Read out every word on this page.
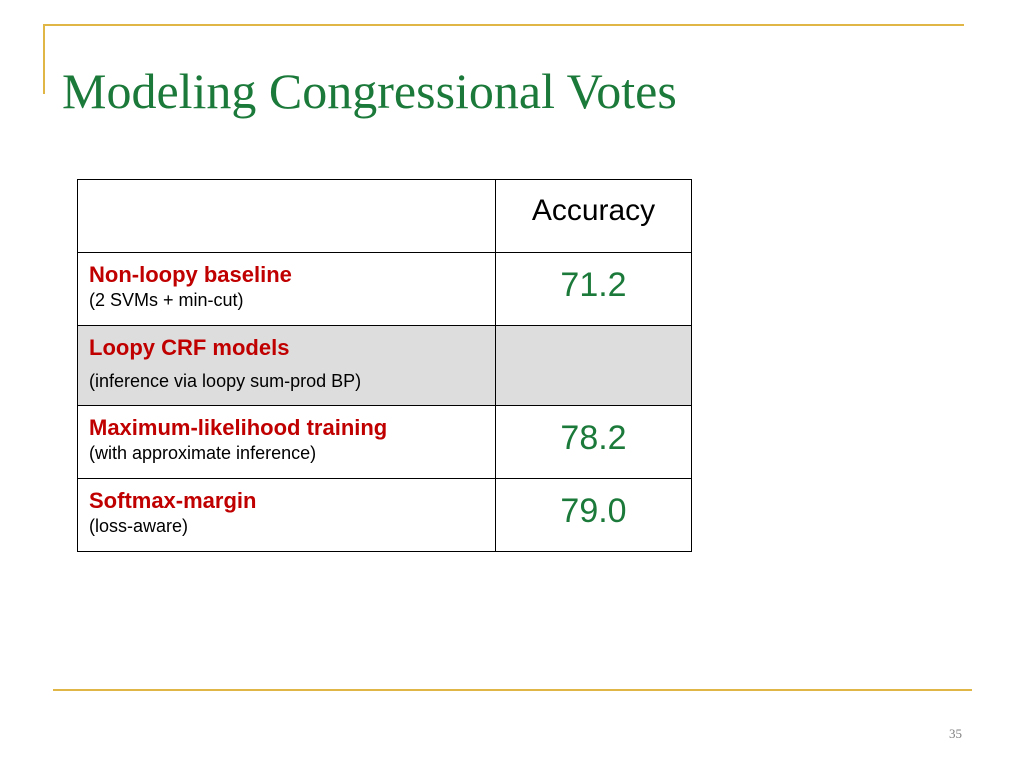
Modeling Congressional Votes

	Accuracy

Non-loopy baseline
(2 SVMs + min-cut)	71.2

Loopy CRF models
(inference via loopy sum-prod BP)	

Maximum-likelihood training
(with approximate inference)	78.2

Softmax-margin
(loss-aware)	79.0
35
